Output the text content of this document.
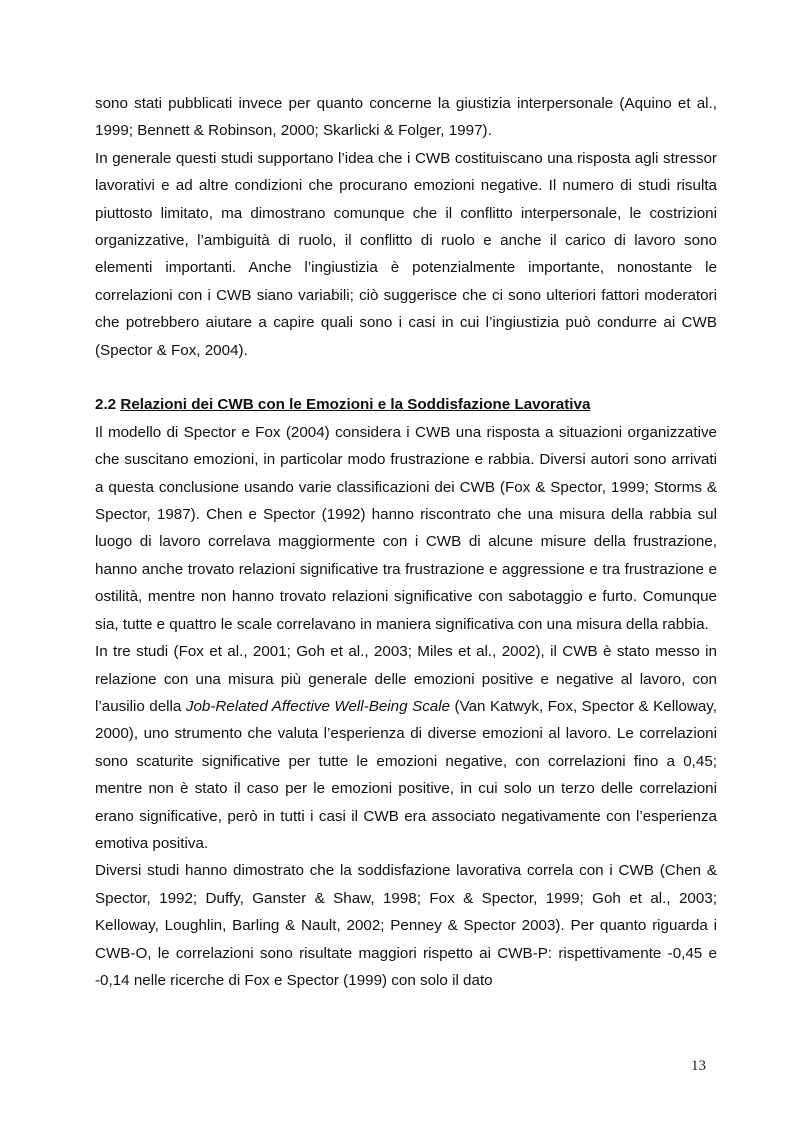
sono stati pubblicati invece per quanto concerne la giustizia interpersonale (Aquino et al., 1999; Bennett & Robinson, 2000; Skarlicki & Folger, 1997).

In generale questi studi supportano l’idea che i CWB costituiscano una risposta agli stressor lavorativi e ad altre condizioni che procurano emozioni negative. Il numero di studi risulta piuttosto limitato, ma dimostrano comunque che il conflitto interpersonale, le costrizioni organizzative, l’ambiguità di ruolo, il conflitto di ruolo e anche il carico di lavoro sono elementi importanti. Anche l’ingiustizia è potenzialmente importante, nonostante le correlazioni con i CWB siano variabili; ciò suggerisce che ci sono ulteriori fattori moderatori che potrebbero aiutare a capire quali sono i casi in cui l’ingiustizia può condurre ai CWB (Spector & Fox, 2004).

2.2 Relazioni dei CWB con le Emozioni e la Soddisfazione Lavorativa

Il modello di Spector e Fox (2004) considera i CWB una risposta a situazioni organizzative che suscitano emozioni, in particolar modo frustrazione e rabbia. Diversi autori sono arrivati a questa conclusione usando varie classificazioni dei CWB (Fox & Spector, 1999; Storms & Spector, 1987). Chen e Spector (1992) hanno riscontrato che una misura della rabbia sul luogo di lavoro correlava maggiormente con i CWB di alcune misure della frustrazione, hanno anche trovato relazioni significative tra frustrazione e aggressione e tra frustrazione e ostilità, mentre non hanno trovato relazioni significative con sabotaggio e furto. Comunque sia, tutte e quattro le scale correlavano in maniera significativa con una misura della rabbia.

In tre studi (Fox et al., 2001; Goh et al., 2003; Miles et al., 2002), il CWB è stato messo in relazione con una misura più generale delle emozioni positive e negative al lavoro, con l’ausilio della Job-Related Affective Well-Being Scale (Van Katwyk, Fox, Spector & Kelloway, 2000), uno strumento che valuta l’esperienza di diverse emozioni al lavoro. Le correlazioni sono scaturite significative per tutte le emozioni negative, con correlazioni fino a 0,45; mentre non è stato il caso per le emozioni positive, in cui solo un terzo delle correlazioni erano significative, però in tutti i casi il CWB era associato negativamente con l’esperienza emotiva positiva.

Diversi studi hanno dimostrato che la soddisfazione lavorativa correla con i CWB (Chen & Spector, 1992; Duffy, Ganster & Shaw, 1998; Fox & Spector, 1999; Goh et al., 2003; Kelloway, Loughlin, Barling & Nault, 2002; Penney & Spector 2003). Per quanto riguarda i CWB-O, le correlazioni sono risultate maggiori rispetto ai CWB-P: rispettivamente -0,45 e -0,14 nelle ricerche di Fox e Spector (1999) con solo il dato

13
